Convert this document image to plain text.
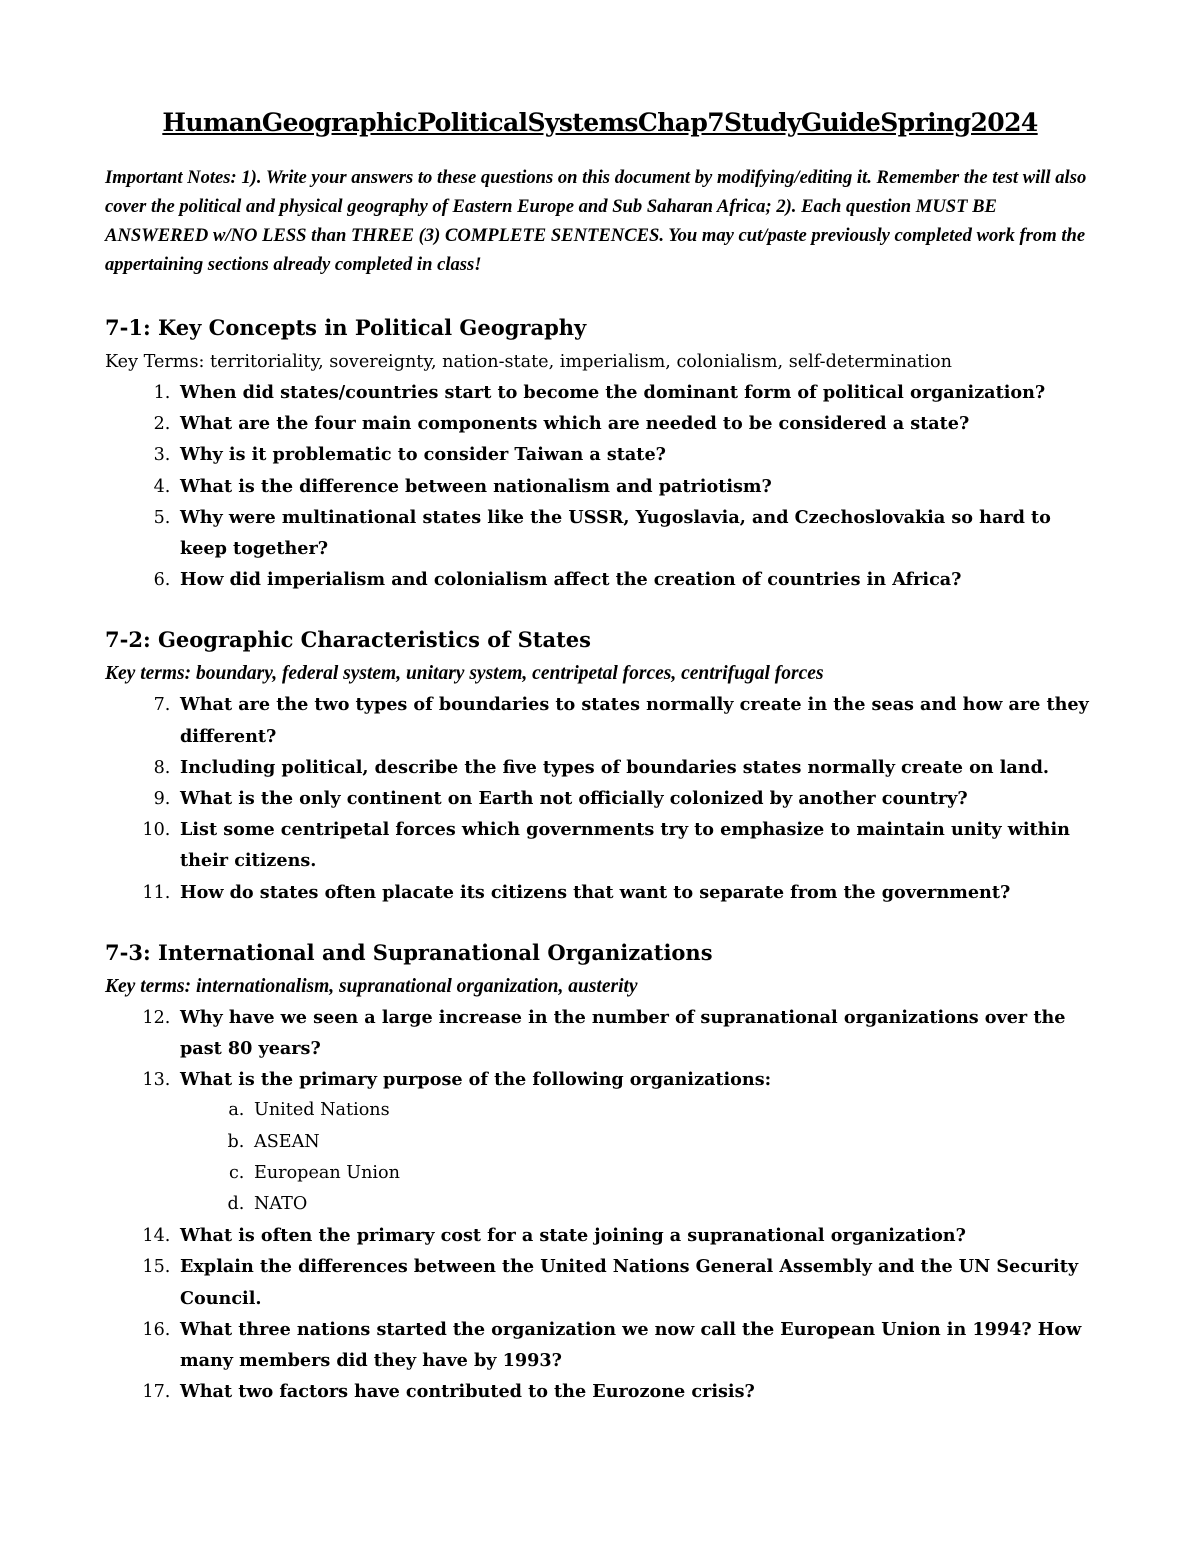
HumanGeographicPoliticalSystemsChap7StudyGuideSpring2024

Important Notes: 1). Write your answers to these questions on this document by modifying/editing it. Remember the test will also cover the political and physical geography of Eastern Europe and Sub Saharan Africa; 2). Each question MUST BE ANSWERED w/NO LESS than THREE (3) COMPLETE SENTENCES. You may cut/paste previously completed work from the appertaining sections already completed in class!

7-1: Key Concepts in Political Geography

Key Terms: territoriality, sovereignty, nation-state, imperialism, colonialism, self-determination

1. When did states/countries start to become the dominant form of political organization?
2. What are the four main components which are needed to be considered a state?
3. Why is it problematic to consider Taiwan a state?
4. What is the difference between nationalism and patriotism?
5. Why were multinational states like the USSR, Yugoslavia, and Czechoslovakia so hard to keep together?
6. How did imperialism and colonialism affect the creation of countries in Africa?
7-2: Geographic Characteristics of States

Key terms: boundary, federal system, unitary system, centripetal forces, centrifugal forces

7. What are the two types of boundaries to states normally create in the seas and how are they different?
8. Including political, describe the five types of boundaries states normally create on land.
9. What is the only continent on Earth not officially colonized by another country?
10. List some centripetal forces which governments try to emphasize to maintain unity within their citizens.
11. How do states often placate its citizens that want to separate from the government?
7-3: International and Supranational Organizations

Key terms: internationalism, supranational organization, austerity

12. Why have we seen a large increase in the number of supranational organizations over the past 80 years?
13. What is the primary purpose of the following organizations:
a. United Nations
b. ASEAN
c. European Union
d. NATO
14. What is often the primary cost for a state joining a supranational organization?
15. Explain the differences between the United Nations General Assembly and the UN Security Council.
16. What three nations started the organization we now call the European Union in 1994? How many members did they have by 1993?
17. What two factors have contributed to the Eurozone crisis?
